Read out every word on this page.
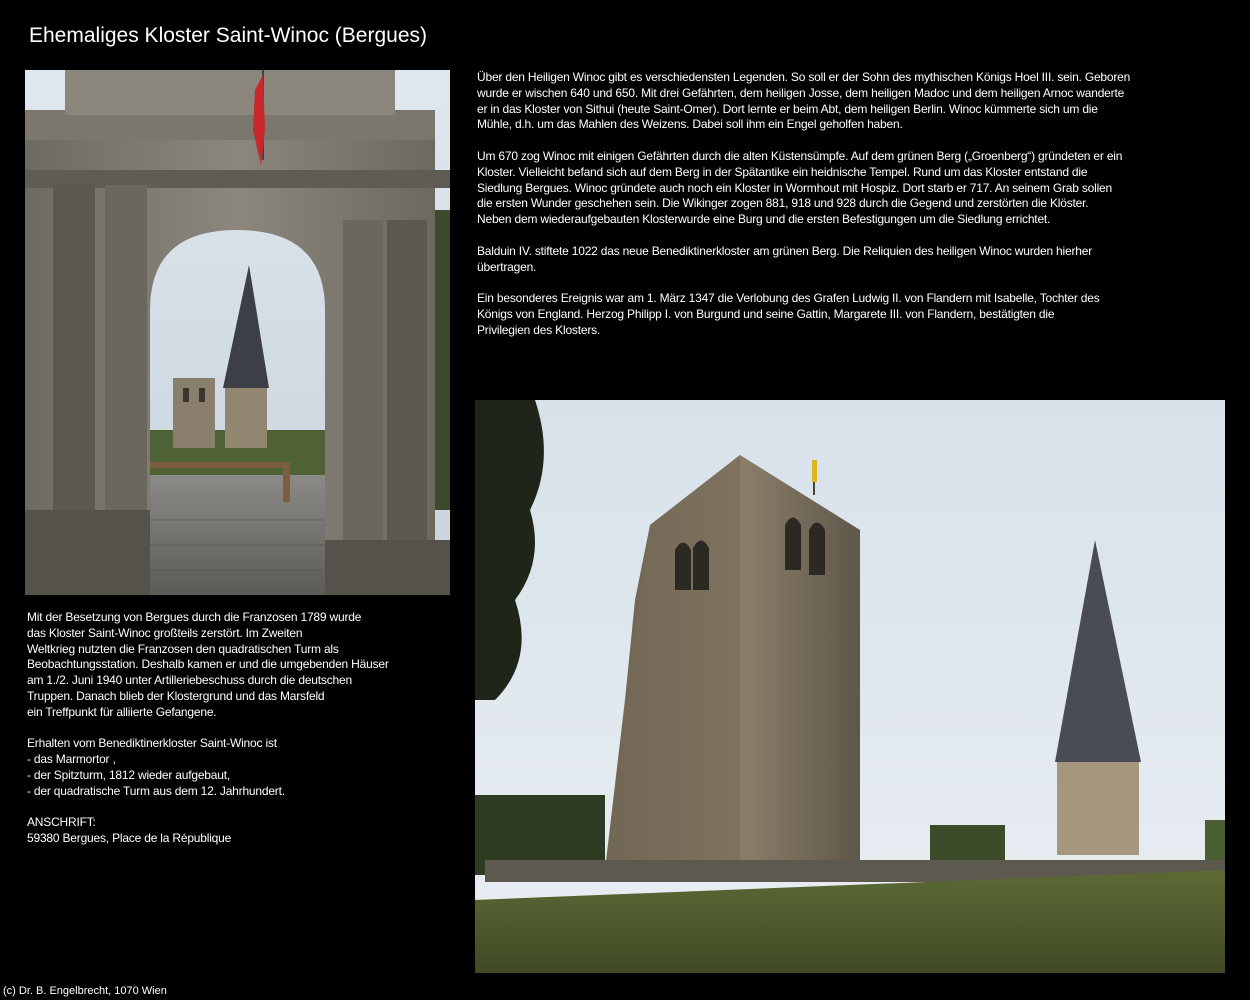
Ehemaliges Kloster Saint-Winoc (Bergues)

Über den Heiligen Winoc gibt es verschiedensten Legenden. So soll er der Sohn des mythischen Königs Hoel III. sein. Geboren
wurde er wischen 640 und 650. Mit drei Gefährten, dem heiligen Josse, dem heiligen Madoc und dem heiligen Arnoc wanderte
er in das Kloster von Sithui (heute Saint-Omer). Dort lernte er beim Abt, dem heiligen Berlin. Winoc kümmerte sich um die
Mühle, d.h. um das Mahlen des Weizens. Dabei soll ihm ein Engel geholfen haben.

Um 670 zog Winoc mit einigen Gefährten durch die alten Küstensümpfe. Auf dem grünen Berg („Groenberg“) gründeten er ein
Kloster. Vielleicht befand sich auf dem Berg in der Spätantike ein heidnische Tempel. Rund um das Kloster entstand die
Siedlung Bergues. Winoc gründete auch noch ein Kloster in Wormhout mit Hospiz. Dort starb er 717. An seinem Grab sollen
die ersten Wunder geschehen sein. Die Wikinger zogen 881, 918 und 928 durch die Gegend und zerstörten die Klöster.
Neben dem wiederaufgebauten Klosterwurde eine Burg und die ersten Befestigungen um die Siedlung errichtet.

Balduin IV. stiftete 1022 das neue Benediktinerkloster am grünen Berg. Die Reliquien des heiligen Winoc wurden hierher
übertragen.

Ein besonderes Ereignis war am 1. März 1347 die Verlobung des Grafen Ludwig II. von Flandern mit Isabelle, Tochter des
Königs von England. Herzog Philipp I. von Burgund und seine Gattin, Margarete III. von Flandern, bestätigten die
Privilegien des Klosters.

Mit der Besetzung von Bergues durch die Franzosen 1789 wurde
das Kloster Saint-Winoc großteils zerstört. Im Zweiten
Weltkrieg nutzten die Franzosen den quadratischen Turm als
Beobachtungsstation. Deshalb kamen er und die umgebenden Häuser
am 1./2. Juni 1940 unter Artilleriebeschuss durch die deutschen
Truppen. Danach blieb der Klostergrund und das Marsfeld
ein Treffpunkt für alliierte Gefangene.

Erhalten vom Benediktinerkloster Saint-Winoc ist
- das Marmortor ,
- der Spitzturm, 1812 wieder aufgebaut,
- der quadratische Turm aus dem 12. Jahrhundert.

ANSCHRIFT:
59380 Bergues, Place de la République

(c) Dr. B. Engelbrecht, 1070 Wien
